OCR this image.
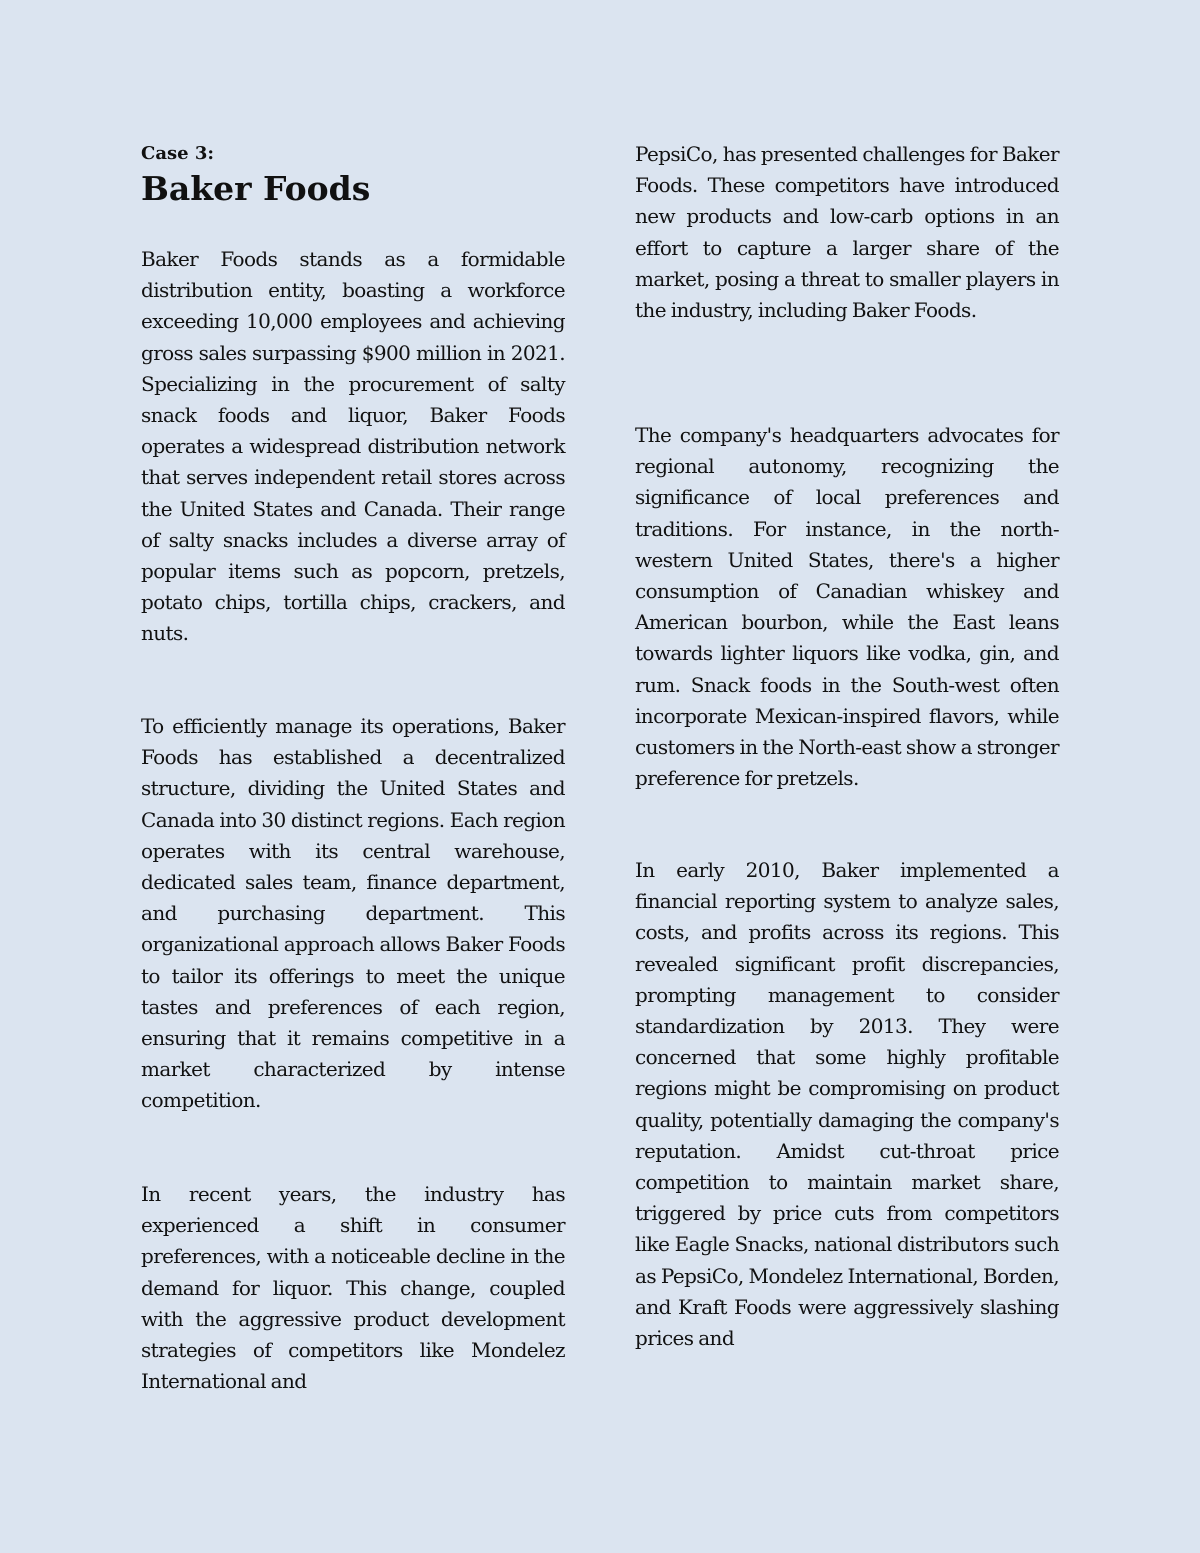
Case 3:
Baker Foods

Baker Foods stands as a formidable distribution entity, boasting a workforce exceeding 10,000 employees and achieving gross sales surpassing $900 million in 2021. Specializing in the procurement of salty snack foods and liquor, Baker Foods operates a widespread distribution network that serves independent retail stores across the United States and Canada. Their range of salty snacks includes a diverse array of popular items such as popcorn, pretzels, potato chips, tortilla chips, crackers, and nuts.

To efficiently manage its operations, Baker Foods has established a decentralized structure, dividing the United States and Canada into 30 distinct regions. Each region operates with its central warehouse, dedicated sales team, finance department, and purchasing department. This organizational approach allows Baker Foods to tailor its offerings to meet the unique tastes and preferences of each region, ensuring that it remains competitive in a market characterized by intense competition.

In recent years, the industry has experienced a shift in consumer preferences, with a noticeable decline in the demand for liquor. This change, coupled with the aggressive product development strategies of competitors like Mondelez International and

PepsiCo, has presented challenges for Baker Foods. These competitors have introduced new products and low-carb options in an effort to capture a larger share of the market, posing a threat to smaller players in the industry, including Baker Foods.

The company's headquarters advocates for regional autonomy, recognizing the significance of local preferences and traditions. For instance, in the north-western United States, there's a higher consumption of Canadian whiskey and American bourbon, while the East leans towards lighter liquors like vodka, gin, and rum. Snack foods in the South-west often incorporate Mexican-inspired flavors, while customers in the North-east show a stronger preference for pretzels.

In early 2010, Baker implemented a financial reporting system to analyze sales, costs, and profits across its regions. This revealed significant profit discrepancies, prompting management to consider standardization by 2013. They were concerned that some highly profitable regions might be compromising on product quality, potentially damaging the company's reputation. Amidst cut-throat price competition to maintain market share, triggered by price cuts from competitors like Eagle Snacks, national distributors such as PepsiCo, Mondelez International, Borden, and Kraft Foods were aggressively slashing prices and
